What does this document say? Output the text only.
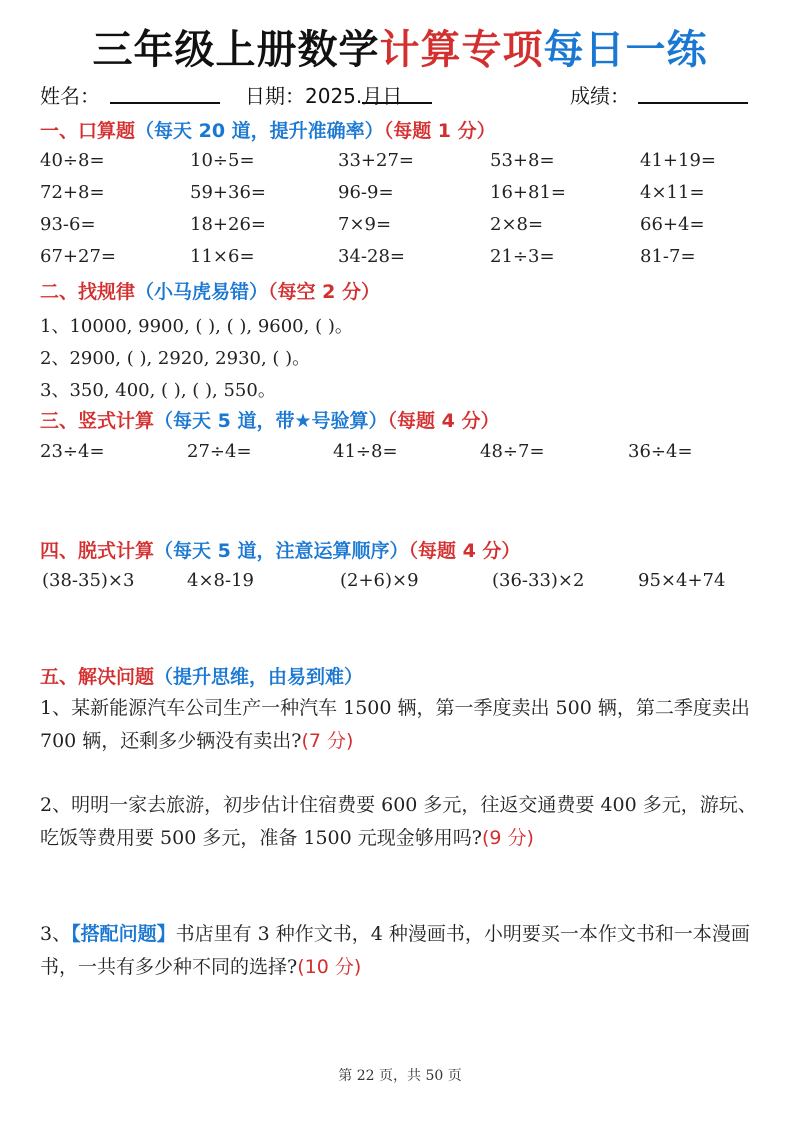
三年级上册数学计算专项每日一练
姓名：	日期：2025.
月
日	成绩：
一、口算题（每天 20 道，提升准确率）（每题 1 分）
40÷8=	10÷5=	33+27=	53+8=	41+19=
72+8=	59+36=	96-9=	16+81=	4×11=
93-6=	18+26=	7×9=	2×8=	66+4=
67+27=	11×6=	34-28=	21÷3=	81-7=
二、找规律（小马虎易错）（每空 2 分）
1、10000, 9900, ( ), ( ), 9600, ( )。
2、2900, ( ), 2920, 2930, ( )。
3、350, 400, ( ), ( ), 550。
三、竖式计算（每天 5 道，带★号验算）（每题 4 分）
23÷4=	27÷4=	41÷8=	48÷7=	36÷4=
四、脱式计算（每天 5 道，注意运算顺序）（每题 4 分）
(38-35)×3	4×8-19	(2+6)×9	(36-33)×2	95×4+74
五、解决问题（提升思维，由易到难）
1、某新能源汽车公司生产一种汽车 1500 辆，第一季度卖出 500 辆，第二季度卖出 700 辆，还剩多少辆没有卖出?(7 分)
2、明明一家去旅游，初步估计住宿费要 600 多元，往返交通费要 400 多元，游玩、吃饭等费用要 500 多元，准备 1500 元现金够用吗?(9 分)
3、【搭配问题】书店里有 3 种作文书，4 种漫画书，小明要买一本作文书和一本漫画书，一共有多少种不同的选择?(10 分)
第 22 页，共 50 页
